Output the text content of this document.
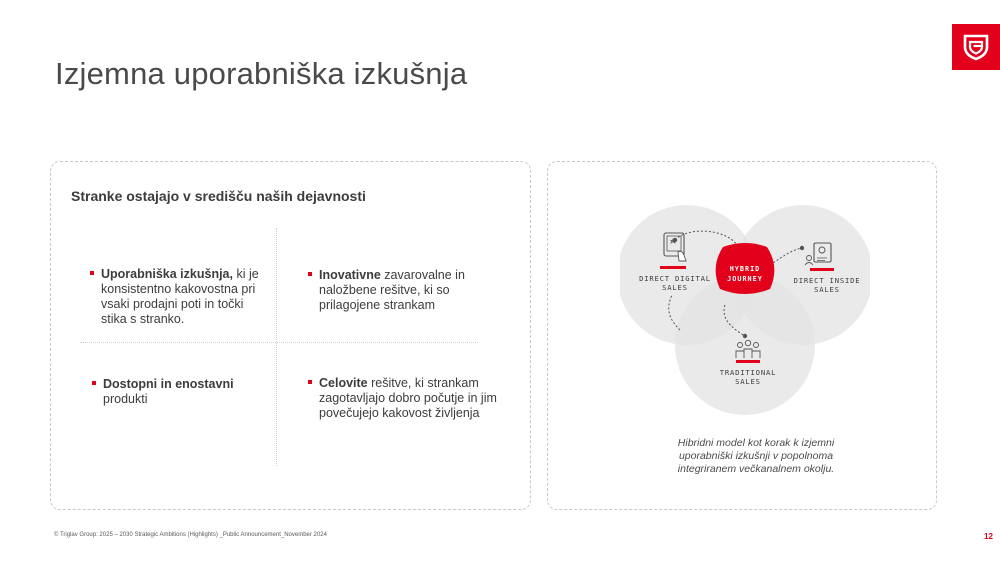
Izjemna uporabniška izkušnja
Stranke ostajajo v središču naših dejavnosti
Uporabniška izkušnja, ki je konsistentno kakovostna pri vsaki prodajni poti in točki stika s stranko.
Inovativne zavarovalne in naložbene rešitve, ki so prilagojene strankam
Dostopni in enostavni produkti
Celovite rešitve, ki strankam zagotavljajo dobro počutje in jim povečujejo kakovost življenja
HYBRID
JOURNEY
DIRECT DIGITAL
SALES
DIRECT INSIDE
SALES
TRADITIONAL
SALES
Hibridni model kot korak k izjemni uporabniški izkušnji v popolnoma integriranem večkanalnem okolju.
© Triglav Group: 2025 – 2030 Strategic Ambitions (Highlights) _Public Announcement_November 2024	12
